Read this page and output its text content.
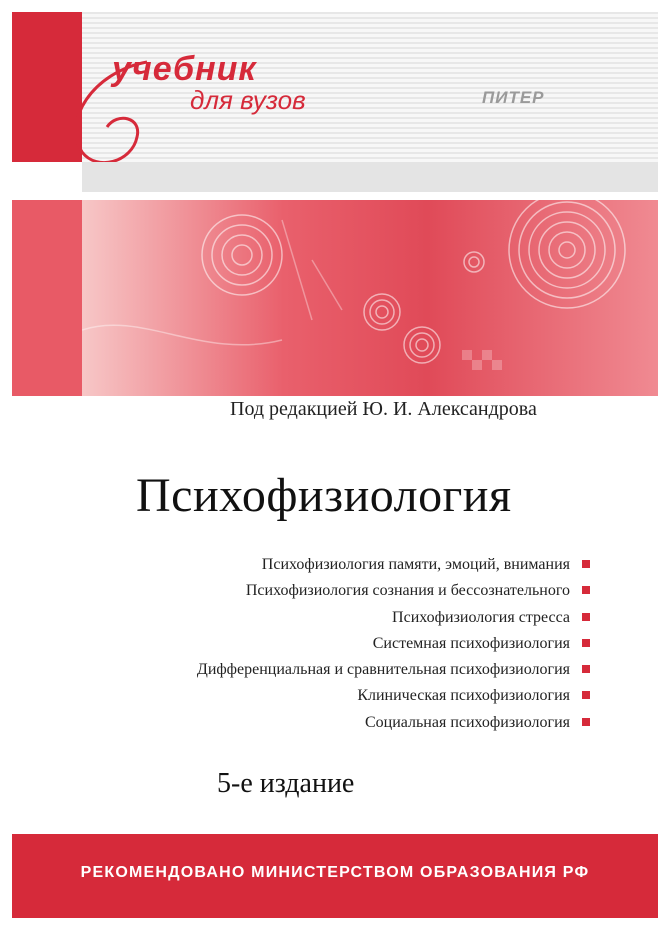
учебник
для вузов	ПИТЕР
Под редакцией Ю. И. Александрова
Психофизиология
Психофизиология памяти, эмоций, внимания
Психофизиология сознания и бессознательного
Психофизиология стресса
Системная психофизиология
Дифференциальная и сравнительная психофизиология
Клиническая психофизиология
Социальная психофизиология
5-е издание
РЕКОМЕНДОВАНО МИНИСТЕРСТВОМ ОБРАЗОВАНИЯ РФ
